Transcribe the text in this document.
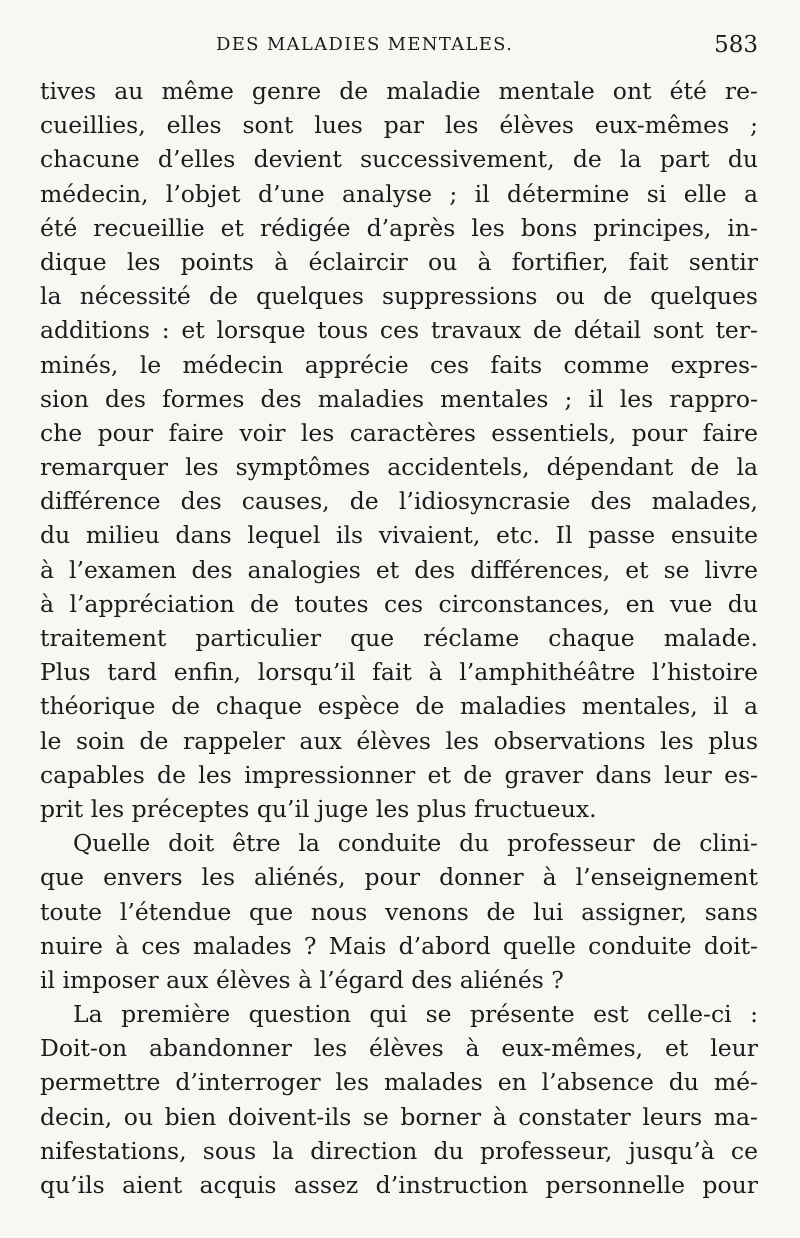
DES MALADIES MENTALES.	583
tives au même genre de maladie mentale ont été re-
cueillies, elles sont lues par les élèves eux-mêmes ;
chacune d’elles devient successivement, de la part du
médecin, l’objet d’une analyse ; il détermine si elle a
été recueillie et rédigée d’après les bons principes, in-
dique les points à éclaircir ou à fortifier, fait sentir
la nécessité de quelques suppressions ou de quelques
additions : et lorsque tous ces travaux de détail sont ter-
minés, le médecin apprécie ces faits comme expres-
sion des formes des maladies mentales ; il les rappro-
che pour faire voir les caractères essentiels, pour faire
remarquer les symptômes accidentels, dépendant de la
différence des causes, de l’idiosyncrasie des malades,
du milieu dans lequel ils vivaient, etc. Il passe ensuite
à l’examen des analogies et des différences, et se livre
à l’appréciation de toutes ces circonstances, en vue du
traitement particulier que réclame chaque malade.
Plus tard enfin, lorsqu’il fait à l’amphithéâtre l’histoire
théorique de chaque espèce de maladies mentales, il a
le soin de rappeler aux élèves les observations les plus
capables de les impressionner et de graver dans leur es-
prit les préceptes qu’il juge les plus fructueux.
Quelle doit être la conduite du professeur de clini-
que envers les aliénés, pour donner à l’enseignement
toute l’étendue que nous venons de lui assigner, sans
nuire à ces malades ? Mais d’abord quelle conduite doit-
il imposer aux élèves à l’égard des aliénés ?
La première question qui se présente est celle-ci :
Doit-on abandonner les élèves à eux-mêmes, et leur
permettre d’interroger les malades en l’absence du mé-
decin, ou bien doivent-ils se borner à constater leurs ma-
nifestations, sous la direction du professeur, jusqu’à ce
qu’ils aient acquis assez d’instruction personnelle pour
